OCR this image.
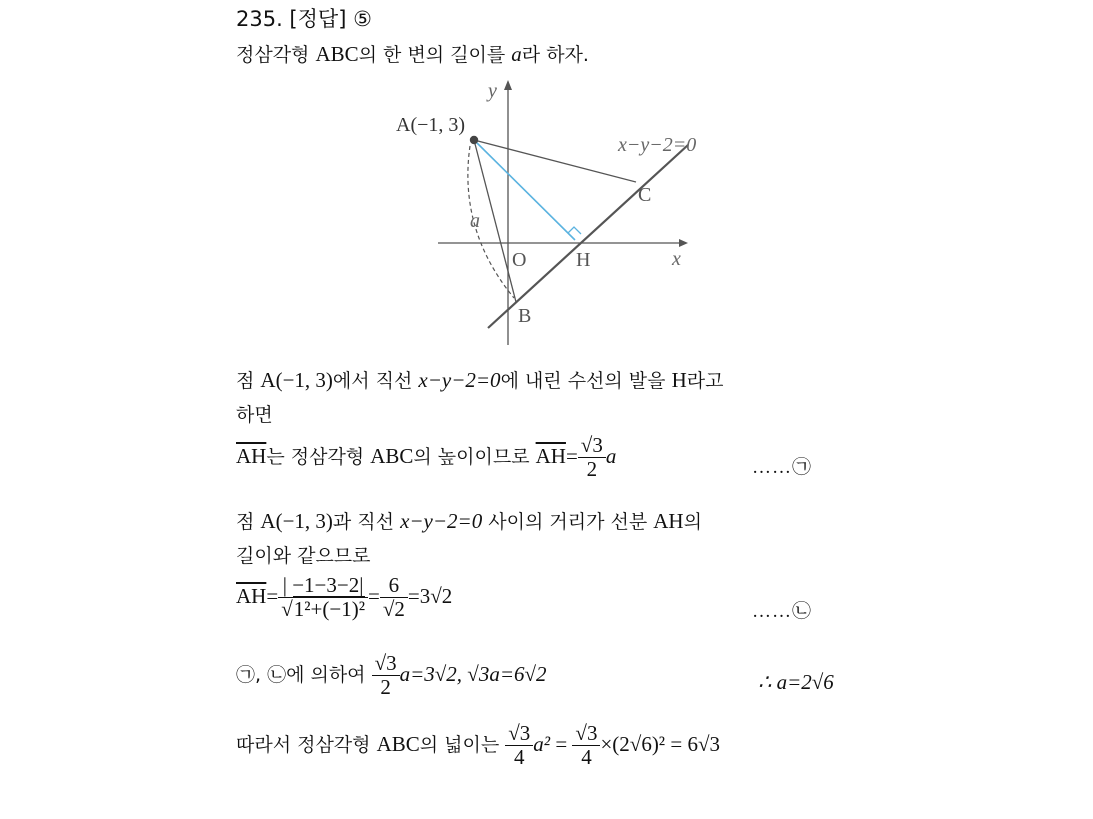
235. [정답] ⑤
정삼각형 ABC의 한 변의 길이를 a라 하자.
A(−1, 3)
x−y−2=0
y
x
O H
B
C
a
점 A(−1, 3)에서 직선 x−y−2=0에 내린 수선의 발을 H라고
하면
$\overline{AH}$는 정삼각형 ABC의 높이이므로 $\overline{AH}= \frac{√3}{2}$ a	……㉠
점 A(−1, 3)과 직선 x−y−2=0 사이의 거리가 선분 AH의
길이와 같으므로
$\overline{AH}= \frac{| -1-3-2|}{\text{√1²+(−1)²}} = \frac{6}{√2} =3√2$
……㉡
㉠, ㉡에 의하여 $\frac{√3}{2} a=3√2$, √3a=6√2	∴ a=2√6
따라서 정삼각형 ABC의 넓이는 $\frac{√3}{4} a^2 = \frac{√3}{4} \times(2√6)^2 = 6√3$
